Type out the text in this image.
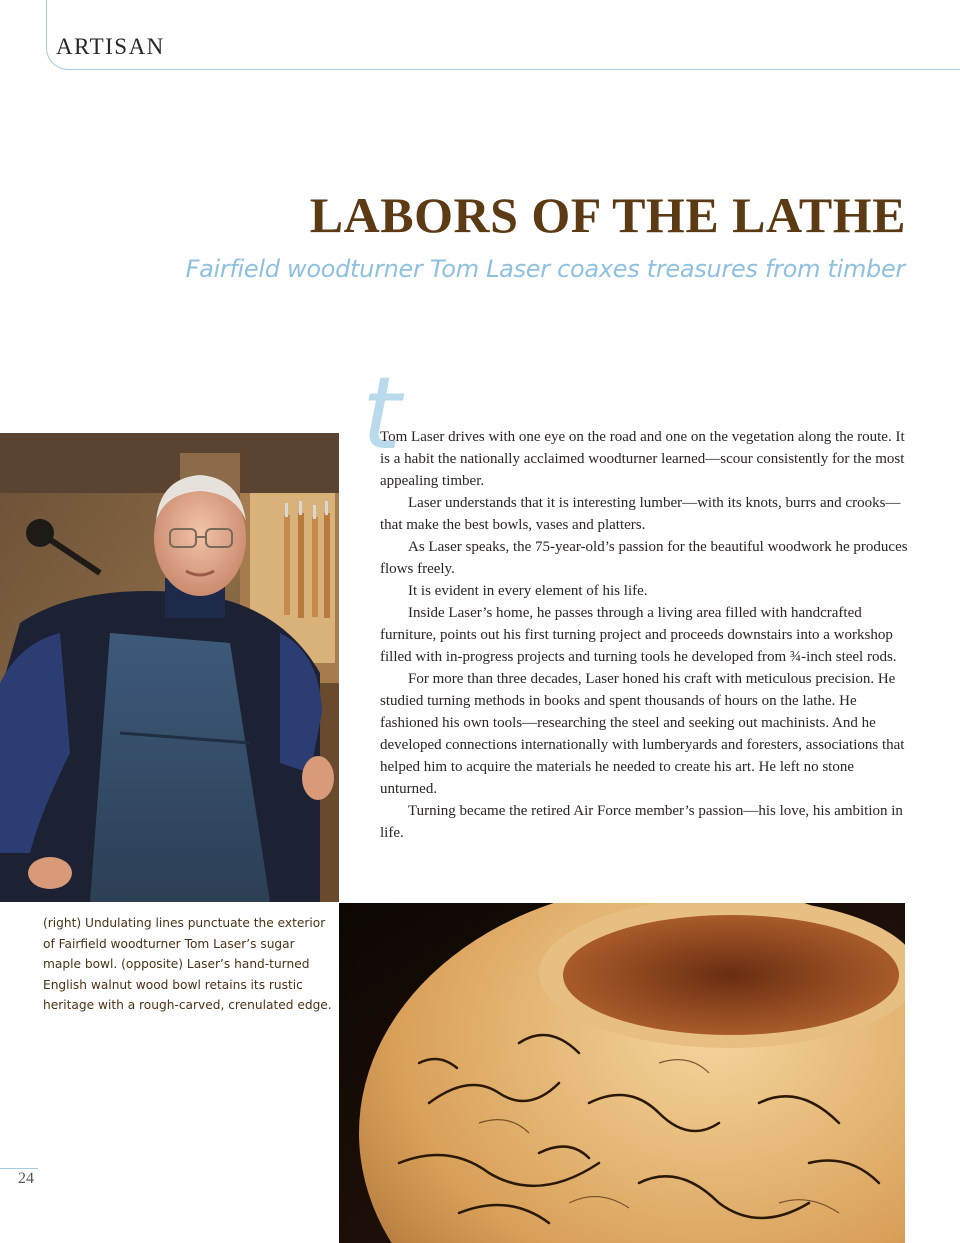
ARTISAN
LABORS OF THE LATHE
Fairfield woodturner Tom Laser coaxes treasures from timber
t

Tom Laser drives with one eye on the road and one on the vegetation along the route. It is a habit the nationally acclaimed woodturner learned—scour consistently for the most appealing timber.

Laser understands that it is interesting lumber—with its knots, burrs and crooks—that make the best bowls, vases and platters.

As Laser speaks, the 75-year-old’s passion for the beautiful woodwork he produces flows freely.

It is evident in every element of his life.

Inside Laser’s home, he passes through a living area filled with handcrafted furniture, points out his first turning project and proceeds downstairs into a workshop filled with in-progress projects and turning tools he developed from ¾-inch steel rods.

For more than three decades, Laser honed his craft with meticulous precision. He studied turning methods in books and spent thousands of hours on the lathe. He fashioned his own tools—researching the steel and seeking out machinists. And he developed connections internationally with lumberyards and foresters, associations that helped him to acquire the materials he needed to create his art. He left no stone unturned.

Turning became the retired Air Force member’s passion—his love, his ambition in life.

(right) Undulating lines punctuate the exterior of Fairfield woodturner Tom Laser’s sugar maple bowl. (opposite) Laser’s hand-turned English walnut wood bowl retains its rustic heritage with a rough-carved, crenulated edge.
24
